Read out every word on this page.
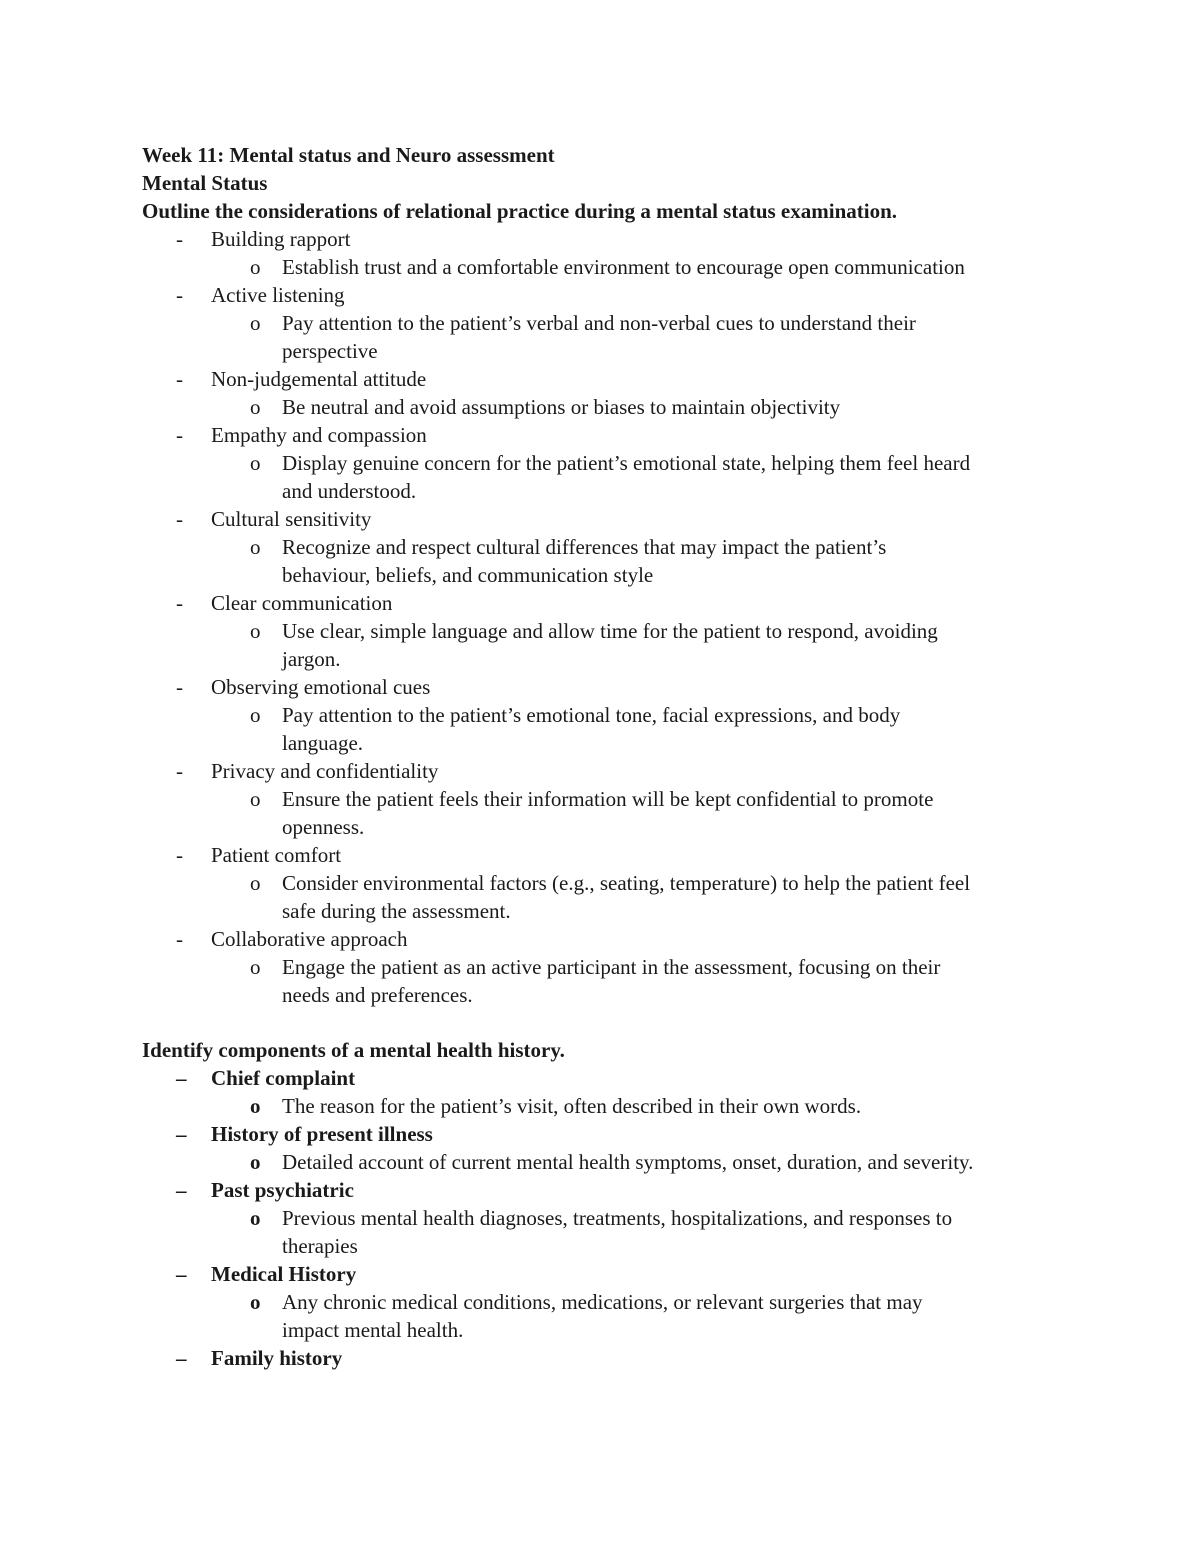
Week 11: Mental status and Neuro assessment
Mental Status
Outline the considerations of relational practice during a mental status examination.
- Building rapport
o Establish trust and a comfortable environment to encourage open communication
- Active listening
o Pay attention to the patient’s verbal and non-verbal cues to understand their
perspective
- Non-judgemental attitude
o Be neutral and avoid assumptions or biases to maintain objectivity
- Empathy and compassion
o Display genuine concern for the patient’s emotional state, helping them feel heard
and understood.
- Cultural sensitivity
o Recognize and respect cultural differences that may impact the patient’s
behaviour, beliefs, and communication style
- Clear communication
o Use clear, simple language and allow time for the patient to respond, avoiding
jargon.
- Observing emotional cues
o Pay attention to the patient’s emotional tone, facial expressions, and body
language.
- Privacy and confidentiality
o Ensure the patient feels their information will be kept confidential to promote
openness.
- Patient comfort
o Consider environmental factors (e.g., seating, temperature) to help the patient feel
safe during the assessment.
- Collaborative approach
o Engage the patient as an active participant in the assessment, focusing on their
needs and preferences.
Identify components of a mental health history.
– Chief complaint
o The reason for the patient’s visit, often described in their own words.
– History of present illness
o Detailed account of current mental health symptoms, onset, duration, and severity.
– Past psychiatric
o Previous mental health diagnoses, treatments, hospitalizations, and responses to
therapies
– Medical History
o Any chronic medical conditions, medications, or relevant surgeries that may
impact mental health.
– Family history
